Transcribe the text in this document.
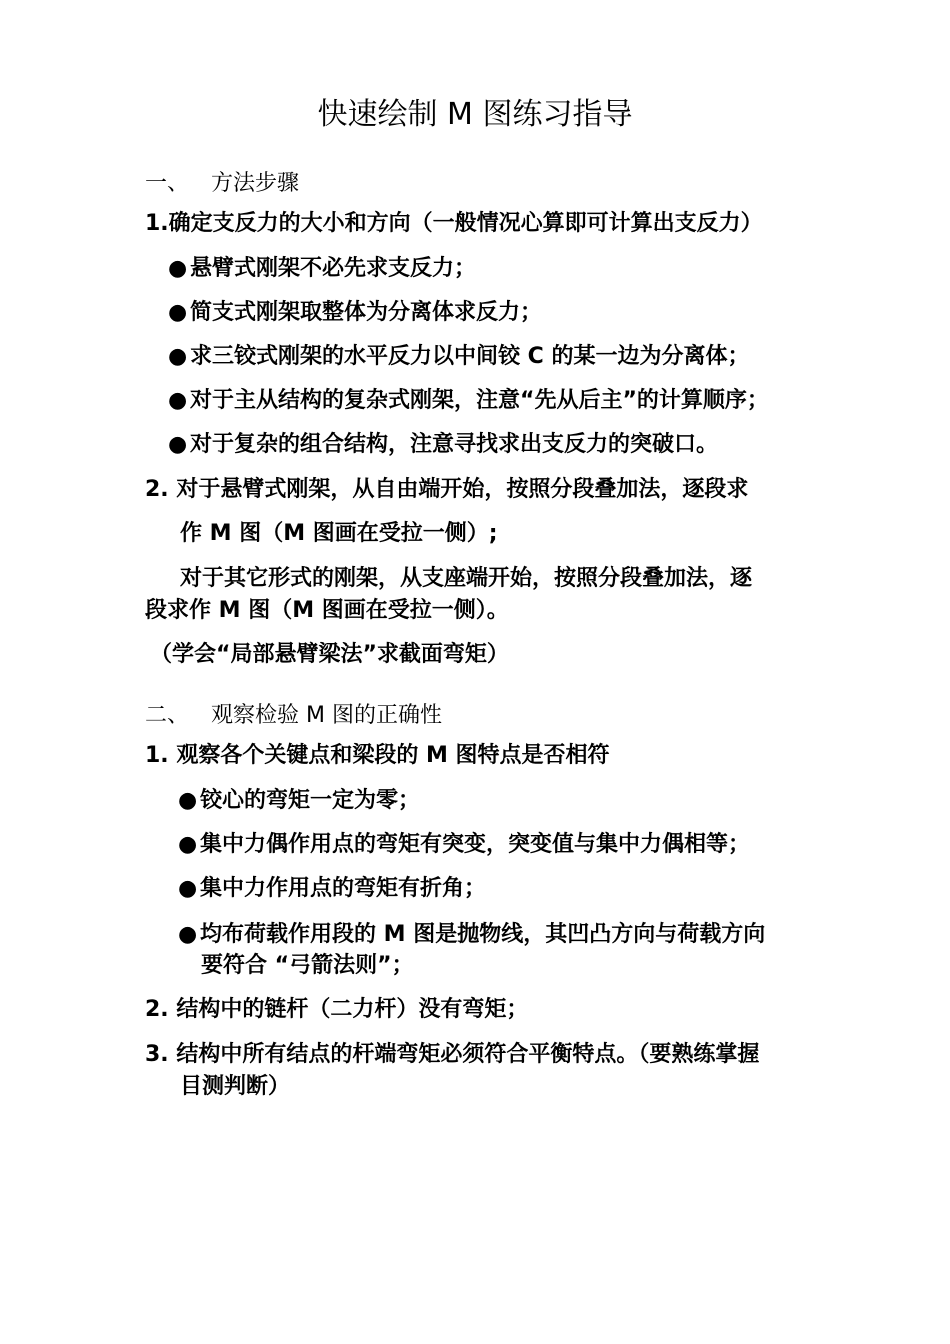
快速绘制 M 图练习指导
一、 方法步骤
1.确定支反力的大小和方向（一般情况心算即可计算出支反力）
● 悬臂式刚架不必先求支反力；
● 简支式刚架取整体为分离体求反力；
● 求三铰式刚架的水平反力以中间铰 C 的某一边为分离体；
● 对于主从结构的复杂式刚架，注意“先从后主”的计算顺序；
● 对于复杂的组合结构，注意寻找求出支反力的突破口。
2. 对于悬臂式刚架，从自由端开始，按照分段叠加法，逐段求
作 M 图（M 图画在受拉一侧）;
对于其它形式的刚架，从支座端开始，按照分段叠加法，逐
段求作 M 图（M 图画在受拉一侧）。
（学会“局部悬臂梁法”求截面弯矩）
二、 观察检验 M 图的正确性
1. 观察各个关键点和梁段的 M 图特点是否相符
● 铰心的弯矩一定为零；
● 集中力偶作用点的弯矩有突变，突变值与集中力偶相等；
● 集中力作用点的弯矩有折角；
● 均布荷载作用段的 M 图是抛物线，其凹凸方向与荷载方向
要符合 “弓箭法则”；
2. 结构中的链杆（二力杆）没有弯矩；
3. 结构中所有结点的杆端弯矩必须符合平衡特点。（要熟练掌握
目测判断）
